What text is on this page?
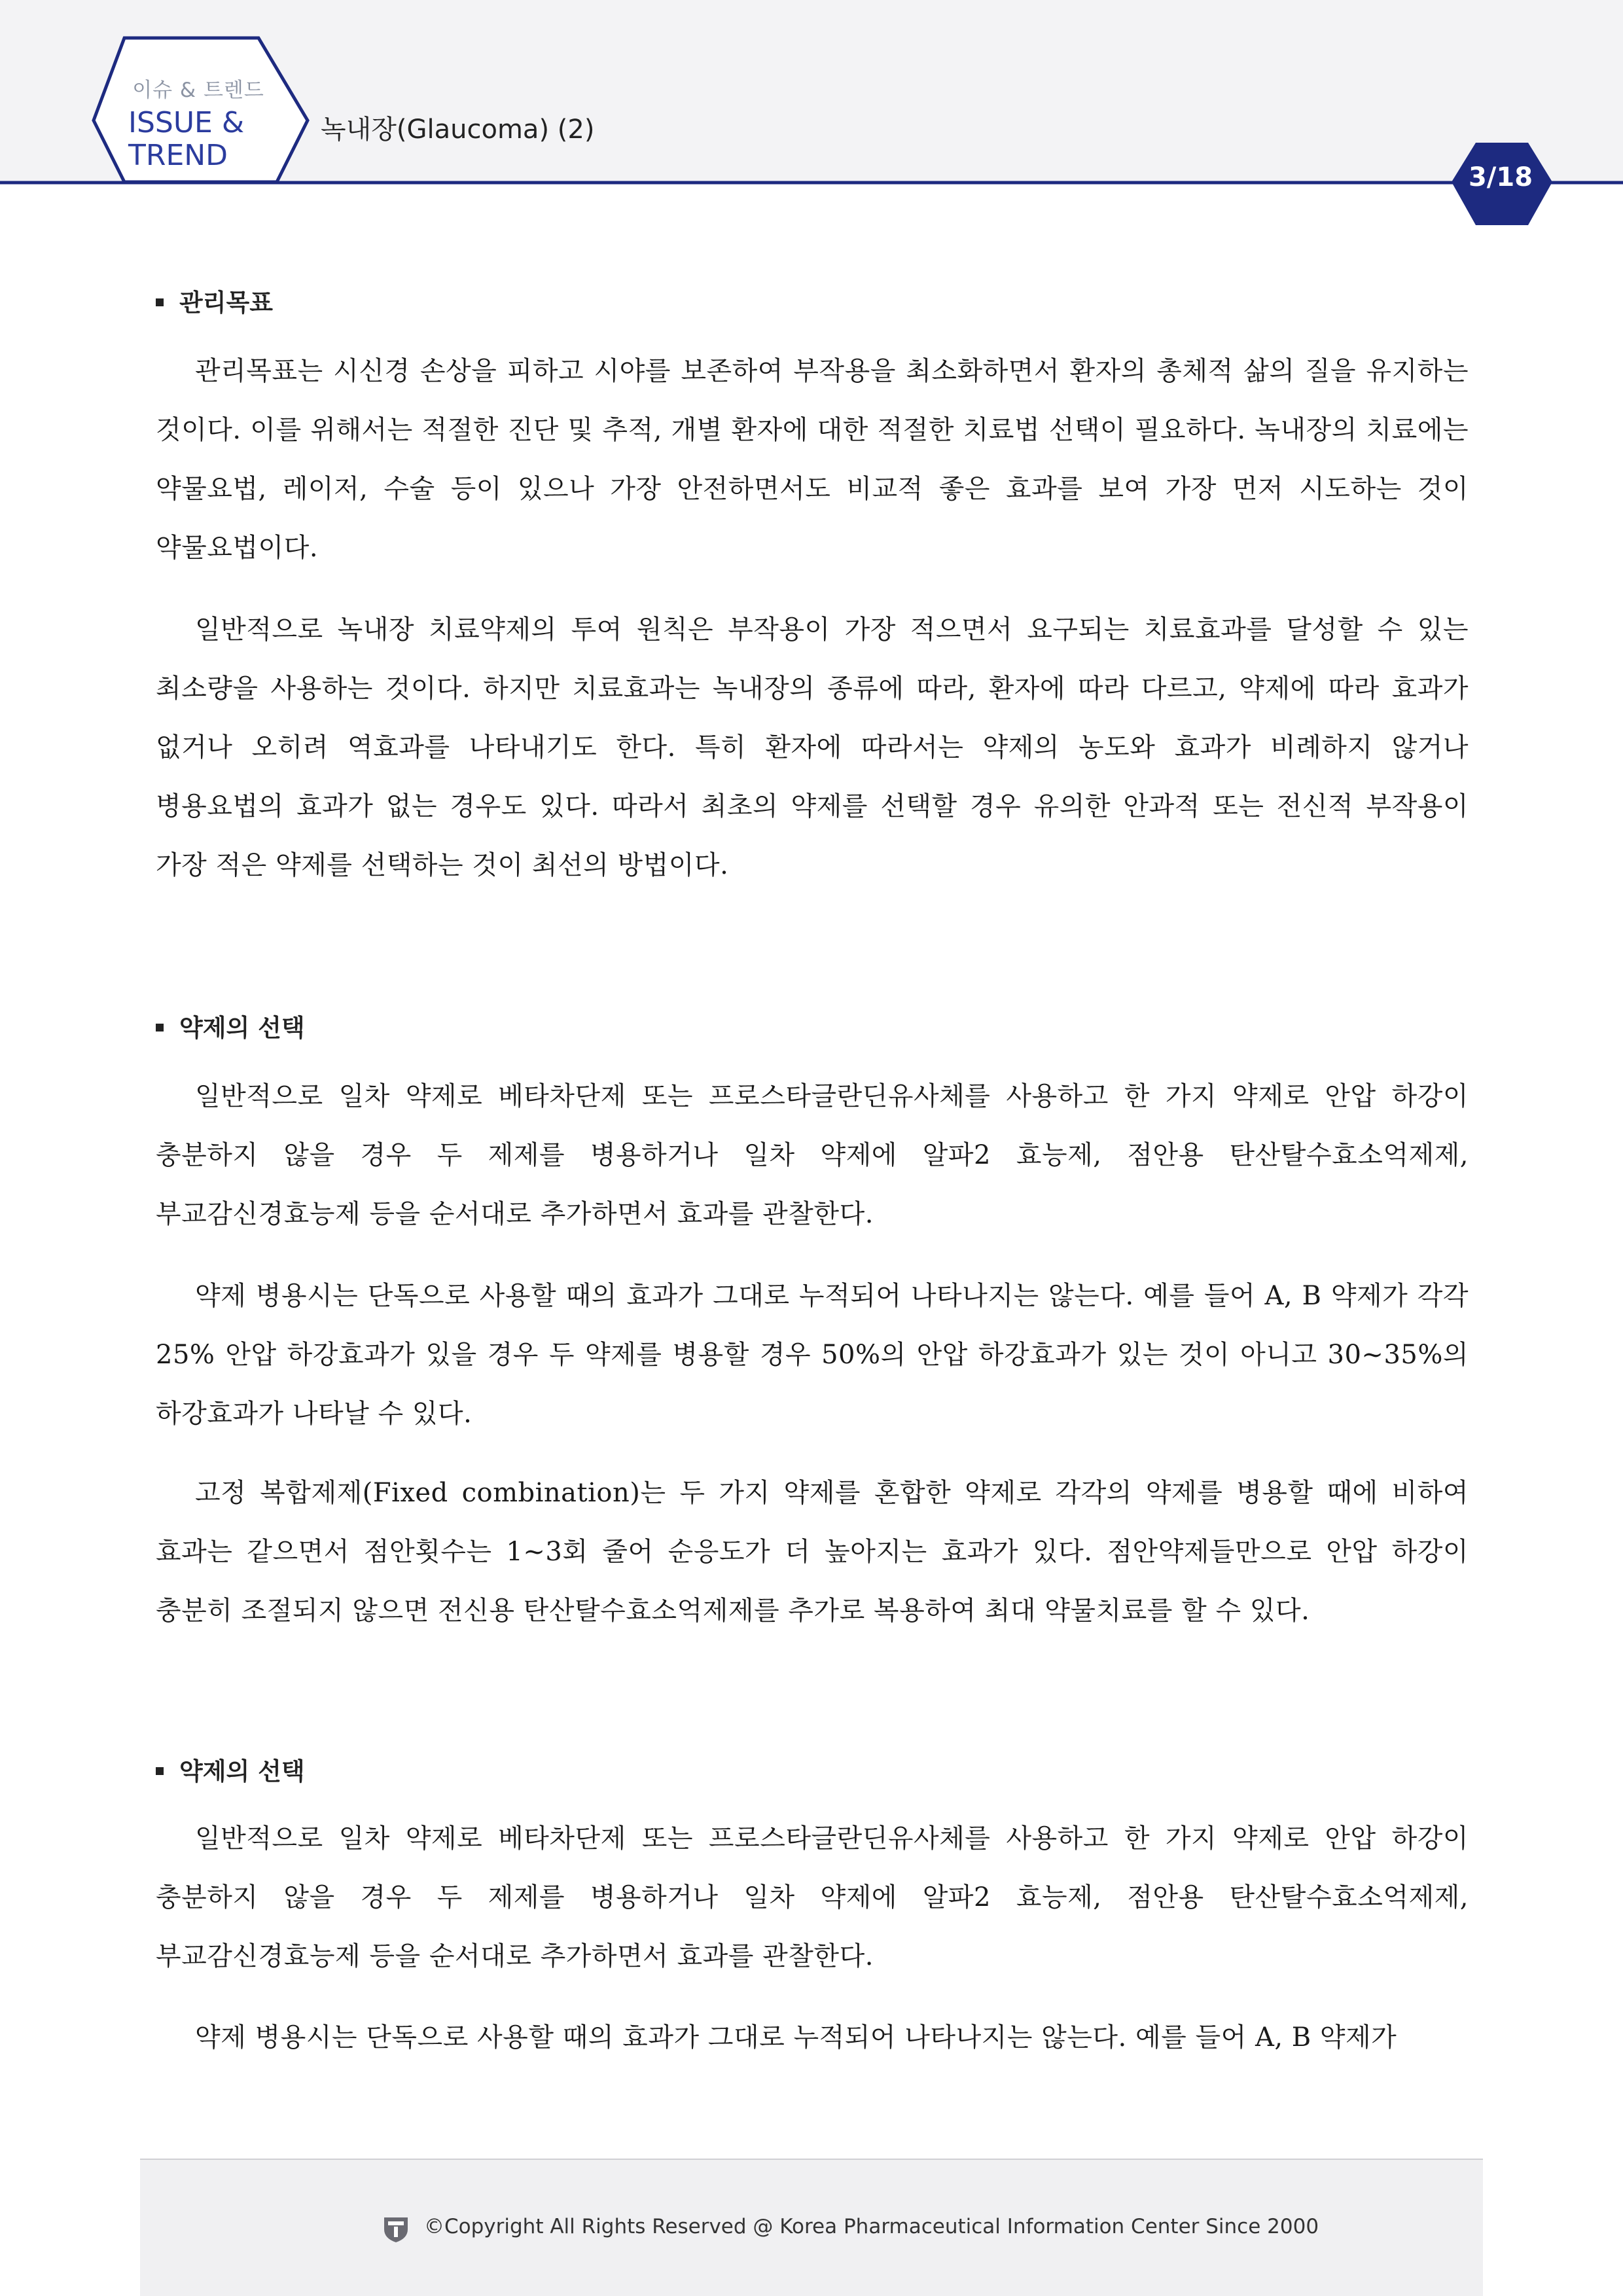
이슈 & 트렌드
ISSUE &
TREND
녹내장(Glaucoma) (2)
3/18
관리목표

관리목표는 시신경 손상을 피하고 시야를 보존하여 부작용을 최소화하면서 환자의 총체적 삶의 질을 유지하는 것이다. 이를 위해서는 적절한 진단 및 추적, 개별 환자에 대한 적절한 치료법 선택이 필요하다. 녹내장의 치료에는 약물요법, 레이저, 수술 등이 있으나 가장 안전하면서도 비교적 좋은 효과를 보여 가장 먼저 시도하는 것이 약물요법이다.

일반적으로 녹내장 치료약제의 투여 원칙은 부작용이 가장 적으면서 요구되는 치료효과를 달성할 수 있는 최소량을 사용하는 것이다. 하지만 치료효과는 녹내장의 종류에 따라, 환자에 따라 다르고, 약제에 따라 효과가 없거나 오히려 역효과를 나타내기도 한다. 특히 환자에 따라서는 약제의 농도와 효과가 비례하지 않거나 병용요법의 효과가 없는 경우도 있다. 따라서 최초의 약제를 선택할 경우 유의한 안과적 또는 전신적 부작용이 가장 적은 약제를 선택하는 것이 최선의 방법이다.

약제의 선택

일반적으로 일차 약제로 베타차단제 또는 프로스타글란딘유사체를 사용하고 한 가지 약제로 안압 하강이 충분하지 않을 경우 두 제제를 병용하거나 일차 약제에 알파2 효능제, 점안용 탄산탈수효소억제제, 부교감신경효능제 등을 순서대로 추가하면서 효과를 관찰한다.

약제 병용시는 단독으로 사용할 때의 효과가 그대로 누적되어 나타나지는 않는다. 예를 들어 A, B 약제가 각각 25% 안압 하강효과가 있을 경우 두 약제를 병용할 경우 50%의 안압 하강효과가 있는 것이 아니고 30~35%의 하강효과가 나타날 수 있다.

고정 복합제제(Fixed combination)는 두 가지 약제를 혼합한 약제로 각각의 약제를 병용할 때에 비하여 효과는 같으면서 점안횟수는 1~3회 줄어 순응도가 더 높아지는 효과가 있다. 점안약제들만으로 안압 하강이 충분히 조절되지 않으면 전신용 탄산탈수효소억제제를 추가로 복용하여 최대 약물치료를 할 수 있다.

약제의 선택

일반적으로 일차 약제로 베타차단제 또는 프로스타글란딘유사체를 사용하고 한 가지 약제로 안압 하강이 충분하지 않을 경우 두 제제를 병용하거나 일차 약제에 알파2 효능제, 점안용 탄산탈수효소억제제, 부교감신경효능제 등을 순서대로 추가하면서 효과를 관찰한다.

약제 병용시는 단독으로 사용할 때의 효과가 그대로 누적되어 나타나지는 않는다. 예를 들어 A, B 약제가

©Copyright All Rights Reserved @ Korea Pharmaceutical Information Center Since 2000
